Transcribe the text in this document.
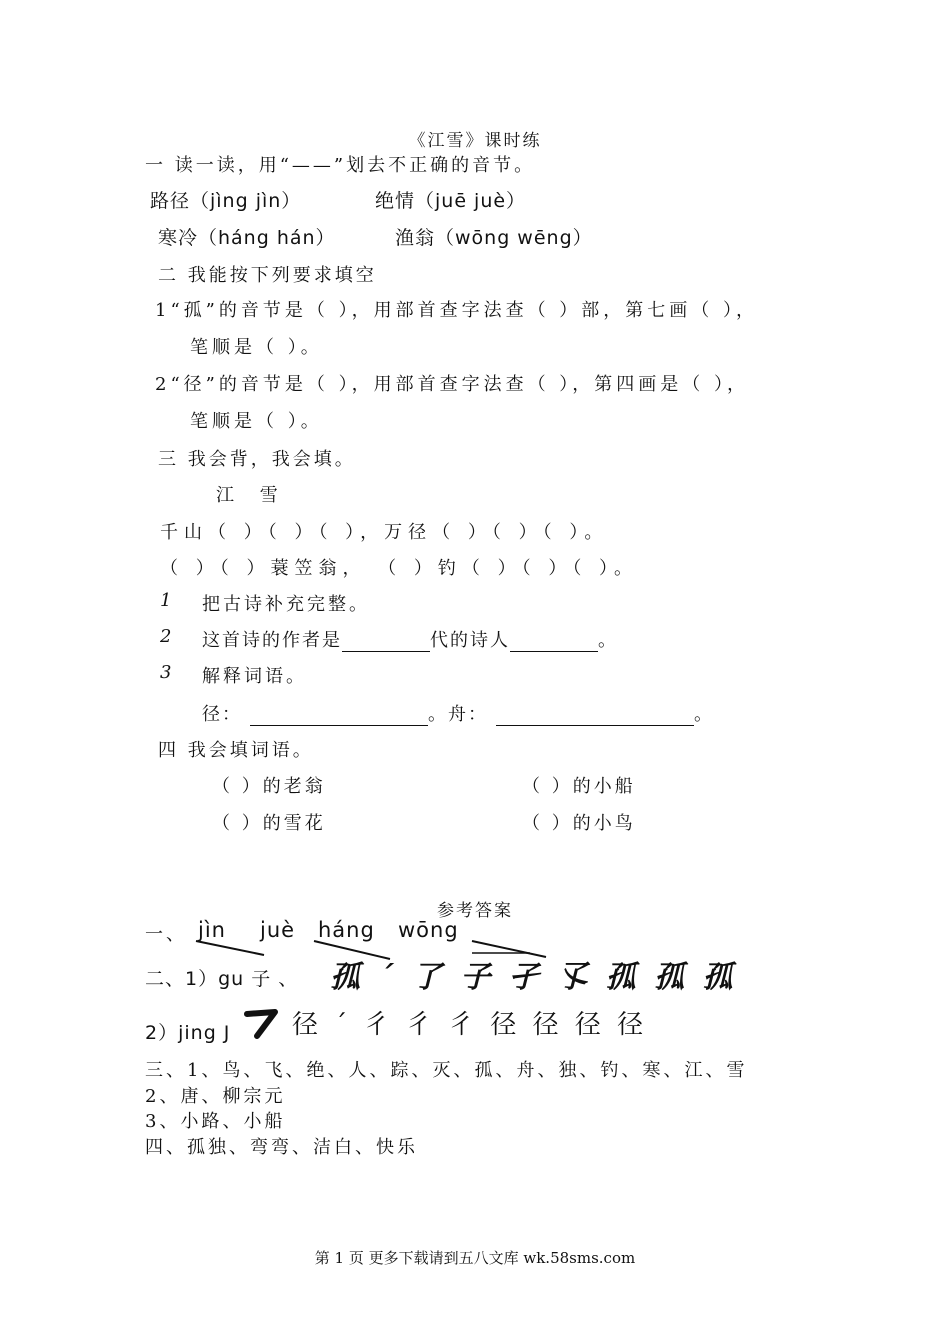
《江雪》课时练
一 读一读，用“——”划去不正确的音节。
路径（jìng jìn）	绝情（juē juè）
寒冷（háng hán）	渔翁（wōng wēng）
二 我能按下列要求填空
1“孤”的音节是（ ），用部首查字法查（ ）部，第七画（ ），
笔顺是（ ）。
2“径”的音节是（ ），用部首查字法查（ ），第四画是（ ），
笔顺是（ ）。
三 我会背，我会填。
江 雪
千山（ ）（ ）（ ），万径（ ）（ ）（ ）。
（ ）（ ）蓑笠翁， （ ）钓（ ）（ ）（ ）。
1 把古诗补充完整。
2 这首诗的作者是	代的诗人	。
3 解释词语。
径：	。舟：	。
四 我会填词语。
（ ）的老翁	（ ）的小船
（ ）的雪花	（ ）的小鸟
参考答案
一、 jìn juè háng wōng
二、1）gu 子 、 孤 ˊ 了 子 孑 孓 孤 孤 孤
2）jing J 径 ˊ 彳 彳 彳 径 径 径 径
三、1、鸟、飞、绝、人、踪、灭、孤、舟、独、钓、寒、江、雪
2、唐、柳宗元
3、小路、小船
四、孤独、弯弯、洁白、快乐
第 1 页 更多下载请到五八文库 wk.58sms.com
